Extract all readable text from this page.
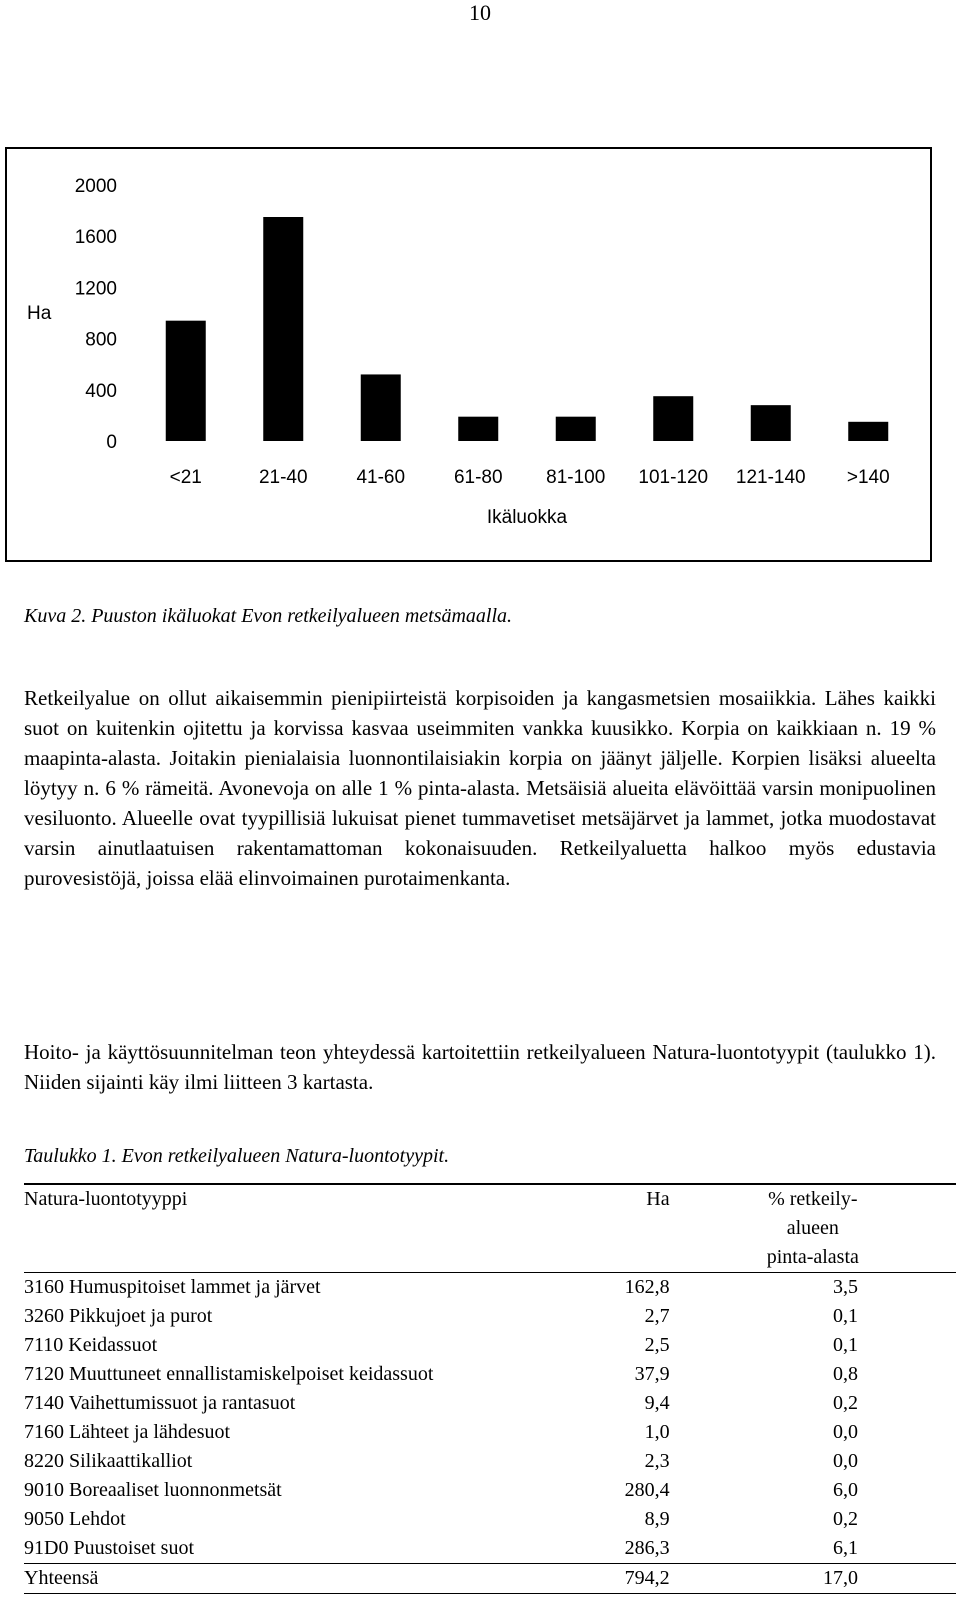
10
0
400
800
1200
1600
2000
Ha
<21	21-40	41-60	61-80 81-100 101-120 121-140 >140
Ikäluokka
Kuva 2. Puuston ikäluokat Evon retkeilyalueen metsämaalla.
Retkeilyalue on ollut aikaisemmin pienipiirteistä korpisoiden ja kangasmetsien mosaiikkia. Lähes kaikki suot on kuitenkin ojitettu ja korvissa kasvaa useimmiten vankka kuusikko. Korpia on kaikkiaan n. 19 % maapinta-alasta. Joitakin pienialaisia luonnontilaisiakin korpia on jäänyt jäljelle. Korpien lisäksi alueelta löytyy n. 6 % rämeitä. Avonevoja on alle 1 % pinta-alasta. Metsäisiä alueita elävöittää varsin monipuolinen vesiluonto. Alueelle ovat tyypillisiä lukuisat pienet tummavetiset metsäjärvet ja lammet, jotka muodostavat varsin ainutlaatuisen rakentamattoman kokonaisuuden. Retkeilyaluetta halkoo myös edustavia purovesistöjä, joissa elää elinvoimainen purotaimenkanta.
Hoito- ja käyttösuunnitelman teon yhteydessä kartoitettiin retkeilyalueen Natura-luontotyypit (taulukko 1). Niiden sijainti käy ilmi liitteen 3 kartasta.
Taulukko 1. Evon retkeilyalueen Natura-luontotyypit.
Natura-luontotyyppi	Ha	% retkeily-
alueen
pinta-alasta

3160 Humuspitoiset lammet ja järvet	162,8	3,5
3260 Pikkujoet ja purot	2,7	0,1
7110 Keidassuot	2,5	0,1
7120 Muuttuneet ennallistamiskelpoiset keidassuot	37,9	0,8
7140 Vaihettumissuot ja rantasuot	9,4	0,2
7160 Lähteet ja lähdesuot	1,0	0,0
8220 Silikaattikalliot	2,3	0,0
9010 Boreaaliset luonnonmetsät	280,4	6,0
9050 Lehdot	8,9	0,2
91D0 Puustoiset suot	286,3	6,1
Yhteensä	794,2	17,0
